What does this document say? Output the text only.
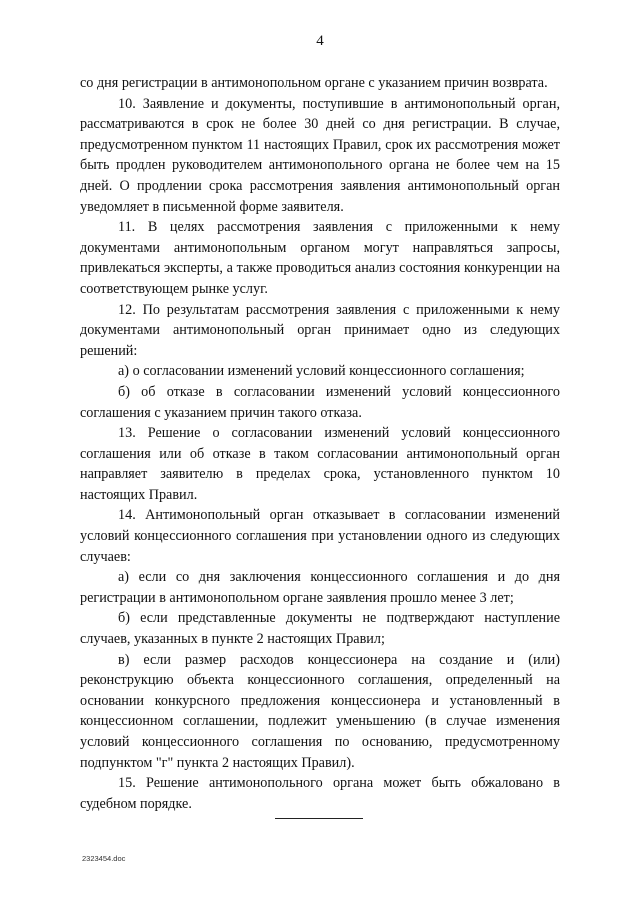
4

со дня регистрации в антимонопольном органе с указанием причин возврата.

10. Заявление и документы, поступившие в антимонопольный орган, рассматриваются в срок не более 30 дней со дня регистрации. В случае, предусмотренном пунктом 11 настоящих Правил, срок их рассмотрения может быть продлен руководителем антимонопольного органа не более чем на 15 дней. О продлении срока рассмотрения заявления антимонопольный орган уведомляет в письменной форме заявителя.

11. В целях рассмотрения заявления с приложенными к нему документами антимонопольным органом могут направляться запросы, привлекаться эксперты, а также проводиться анализ состояния конкуренции на соответствующем рынке услуг.

12. По результатам рассмотрения заявления с приложенными к нему документами антимонопольный орган принимает одно из следующих решений:

а) о согласовании изменений условий концессионного соглашения;

б) об отказе в согласовании изменений условий концессионного соглашения с указанием причин такого отказа.

13. Решение о согласовании изменений условий концессионного соглашения или об отказе в таком согласовании антимонопольный орган направляет заявителю в пределах срока, установленного пунктом 10 настоящих Правил.

14. Антимонопольный орган отказывает в согласовании изменений условий концессионного соглашения при установлении одного из следующих случаев:

а) если со дня заключения концессионного соглашения и до дня регистрации в антимонопольном органе заявления прошло менее 3 лет;

б) если представленные документы не подтверждают наступление случаев, указанных в пункте 2 настоящих Правил;

в) если размер расходов концессионера на создание и (или) реконструкцию объекта концессионного соглашения, определенный на основании конкурсного предложения концессионера и установленный в концессионном соглашении, подлежит уменьшению (в случае изменения условий концессионного соглашения по основанию, предусмотренному подпунктом "г" пункта 2 настоящих Правил).

15. Решение антимонопольного органа может быть обжаловано в судебном порядке.

2323454.doc
